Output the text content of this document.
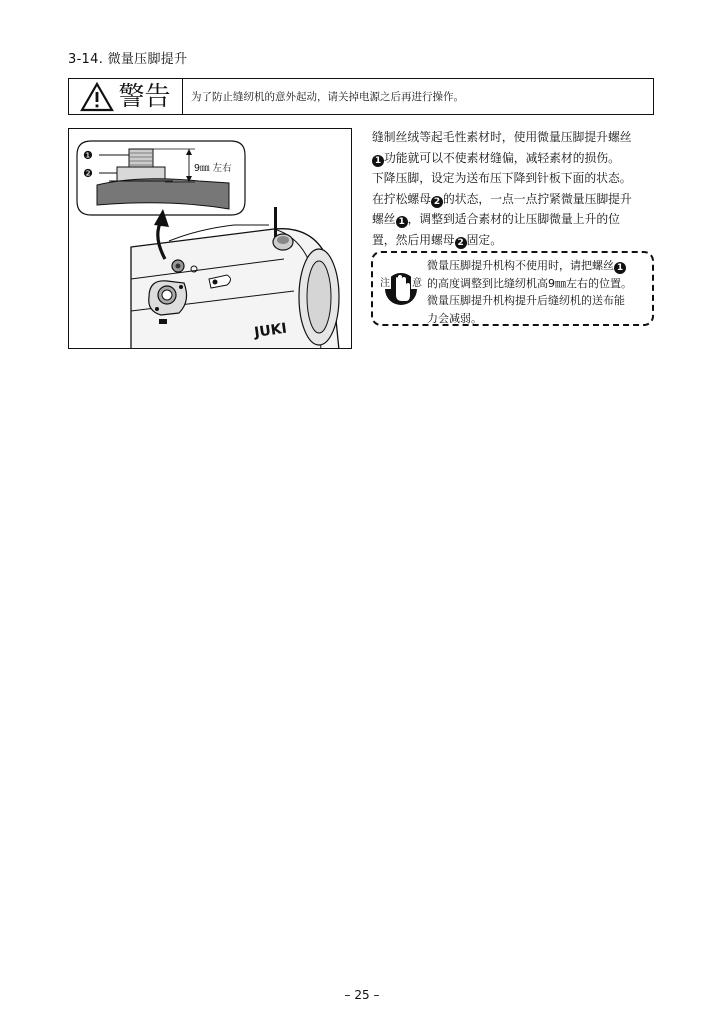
3-14. 微量压脚提升
警告	为了防止缝纫机的意外起动，请关掉电源之后再进行操作。
JUKI
❶
❷	9㎜ 左右

缝制丝绒等起毛性素材时，使用微量压脚提升螺丝

1 功能就可以不使素材缝偏，减轻素材的损伤。

下降压脚，设定为送布压下降到针板下面的状态。

在拧松螺母 2 的状态，一点一点拧紧微量压脚提升

螺丝 1 ，调整到适合素材的让压脚微量上升的位

置，然后用螺母 2 固定。

注 意

微量压脚提升机构不使用时，请把螺丝 1

的高度调整到比缝纫机高9㎜左右的位置。

微量压脚提升机构提升后缝纫机的送布能

力会减弱。

– 25 –
